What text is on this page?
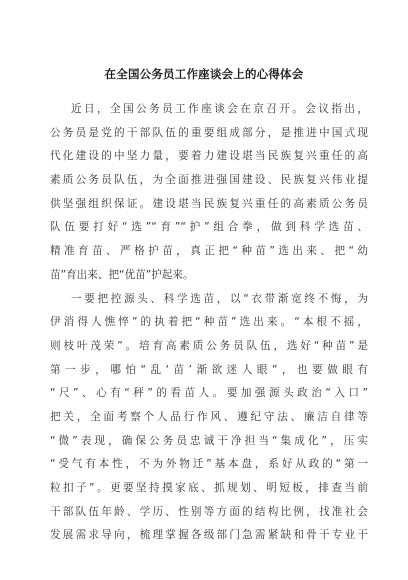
在全国公务员工作座谈会上的心得体会
近日，全国公务员工作座谈会在京召开。会议指出，
公务员是党的干部队伍的重要组成部分，是推进中国式现
代化建设的中坚力量，要着力建设堪当民族复兴重任的高
素质公务员队伍，为全面推进强国建设、民族复兴伟业提
供坚强组织保证。建设堪当民族复兴重任的高素质公务员
队伍要打好“选”“育”“护”组合拳，做到科学选苗、
精准育苗、严格护苗，真正把“种苗”选出来、把“幼
苗”育出来、把“优苗”护起来。
一要把控源头、科学选苗，以“衣带渐宽终不悔，为
伊消得人憔悴”的执着把“种苗”选出来。“本根不摇，
则枝叶茂荣”。培育高素质公务员队伍，选好“种苗”是
第一步，哪怕“乱‘苗’渐欲迷人眼”，也要做眼有
“尺”、心有“秤”的看苗人。要加强源头政治“入口”
把关，全面考察个人品行作风、遵纪守法、廉洁自律等
“微”表现，确保公务员忠诚干净担当“集成化”，压实
“受气有本性，不为外物迁”基本盘，系好从政的“第一
粒扣子”。更要坚持摸家底、抓规划、明短板，排查当前
干部队伍年龄、学历、性别等方面的结构比例，找准社会
发展需求导向，梳理掌握各级部门急需紧缺和骨干专业干
